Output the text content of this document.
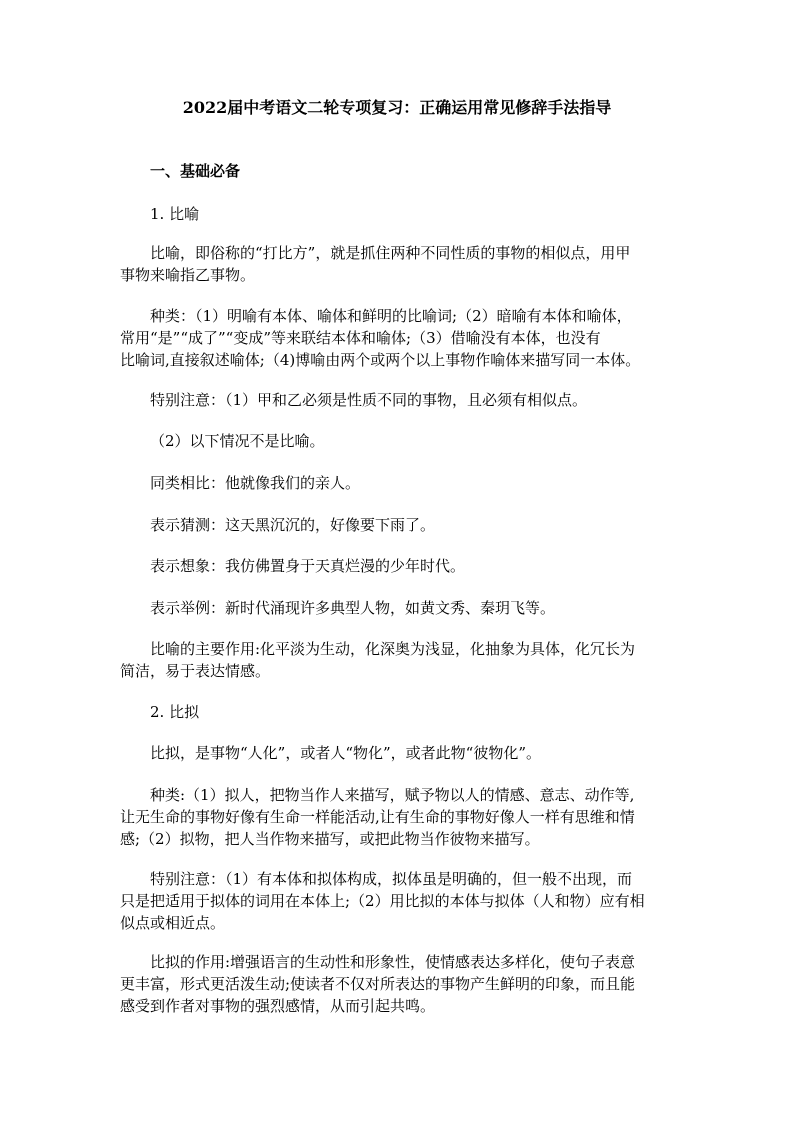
2022届中考语文二轮专项复习：正确运用常见修辞手法指导
一、基础必备
1. 比喻
比喻，即俗称的“打比方”，就是抓住两种不同性质的事物的相似点，用甲
事物来喻指乙事物。
种类：（1）明喻有本体、喻体和鲜明的比喻词;（2）暗喻有本体和喻体，
常用“是”“成了”“变成”等来联结本体和喻体;（3）借喻没有本体，也没有
比喻词,直接叙述喻体;（4)博喻由两个或两个以上事物作喻体来描写同一本体。
特别注意：（1）甲和乙必须是性质不同的事物，且必须有相似点。
（2）以下情况不是比喻。
同类相比：他就像我们的亲人。
表示猜测：这天黑沉沉的，好像要下雨了。
表示想象：我仿佛置身于天真烂漫的少年时代。
表示举例：新时代涌现许多典型人物，如黄文秀、秦玥飞等。
比喻的主要作用:化平淡为生动，化深奥为浅显，化抽象为具体，化冗长为
简洁，易于表达情感。
2. 比拟
比拟，是事物“人化”，或者人“物化”，或者此物“彼物化”。
种类:（1）拟人，把物当作人来描写，赋予物以人的情感、意志、动作等,
让无生命的事物好像有生命一样能活动,让有生命的事物好像人一样有思维和情
感;（2）拟物，把人当作物来描写，或把此物当作彼物来描写。
特别注意：（1）有本体和拟体构成，拟体虽是明确的，但一般不出现，而
只是把适用于拟体的词用在本体上;（2）用比拟的本体与拟体（人和物）应有相
似点或相近点。
比拟的作用:增强语言的生动性和形象性，使情感表达多样化，使句子表意
更丰富，形式更活泼生动;使读者不仅对所表达的事物产生鲜明的印象，而且能
感受到作者对事物的强烈感情，从而引起共鸣。
